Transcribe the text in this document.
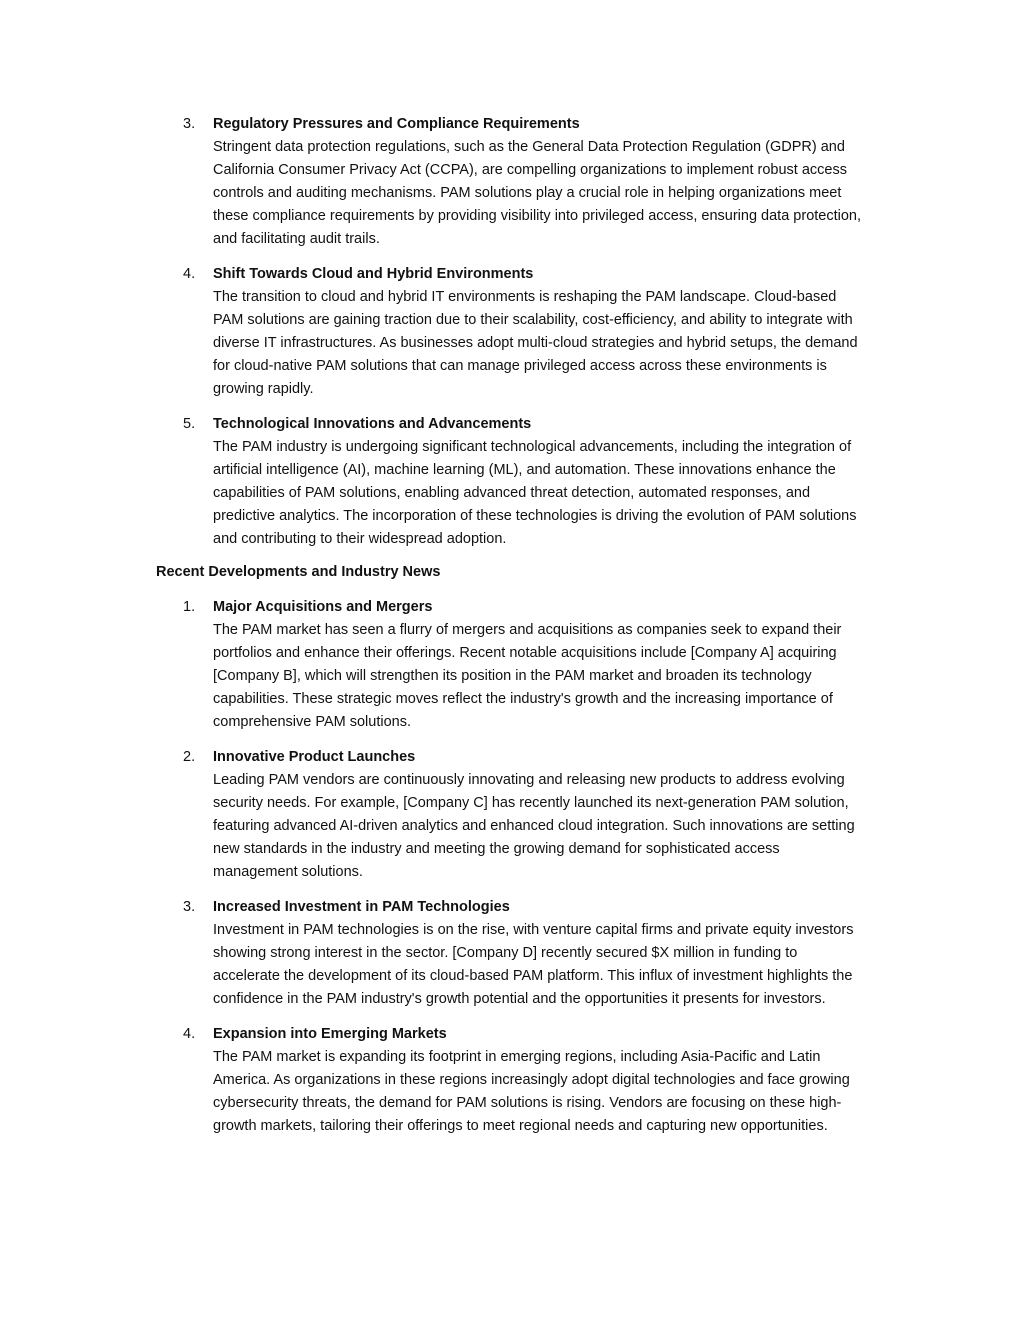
3. Regulatory Pressures and Compliance Requirements
Stringent data protection regulations, such as the General Data Protection Regulation (GDPR) and California Consumer Privacy Act (CCPA), are compelling organizations to implement robust access controls and auditing mechanisms. PAM solutions play a crucial role in helping organizations meet these compliance requirements by providing visibility into privileged access, ensuring data protection, and facilitating audit trails.
4. Shift Towards Cloud and Hybrid Environments
The transition to cloud and hybrid IT environments is reshaping the PAM landscape. Cloud-based PAM solutions are gaining traction due to their scalability, cost-efficiency, and ability to integrate with diverse IT infrastructures. As businesses adopt multi-cloud strategies and hybrid setups, the demand for cloud-native PAM solutions that can manage privileged access across these environments is growing rapidly.
5. Technological Innovations and Advancements
The PAM industry is undergoing significant technological advancements, including the integration of artificial intelligence (AI), machine learning (ML), and automation. These innovations enhance the capabilities of PAM solutions, enabling advanced threat detection, automated responses, and predictive analytics. The incorporation of these technologies is driving the evolution of PAM solutions and contributing to their widespread adoption.
Recent Developments and Industry News
1. Major Acquisitions and Mergers
The PAM market has seen a flurry of mergers and acquisitions as companies seek to expand their portfolios and enhance their offerings. Recent notable acquisitions include [Company A] acquiring [Company B], which will strengthen its position in the PAM market and broaden its technology capabilities. These strategic moves reflect the industry's growth and the increasing importance of comprehensive PAM solutions.
2. Innovative Product Launches
Leading PAM vendors are continuously innovating and releasing new products to address evolving security needs. For example, [Company C] has recently launched its next-generation PAM solution, featuring advanced AI-driven analytics and enhanced cloud integration. Such innovations are setting new standards in the industry and meeting the growing demand for sophisticated access management solutions.
3. Increased Investment in PAM Technologies
Investment in PAM technologies is on the rise, with venture capital firms and private equity investors showing strong interest in the sector. [Company D] recently secured $X million in funding to accelerate the development of its cloud-based PAM platform. This influx of investment highlights the confidence in the PAM industry's growth potential and the opportunities it presents for investors.
4. Expansion into Emerging Markets
The PAM market is expanding its footprint in emerging regions, including Asia-Pacific and Latin America. As organizations in these regions increasingly adopt digital technologies and face growing cybersecurity threats, the demand for PAM solutions is rising. Vendors are focusing on these high-growth markets, tailoring their offerings to meet regional needs and capturing new opportunities.
